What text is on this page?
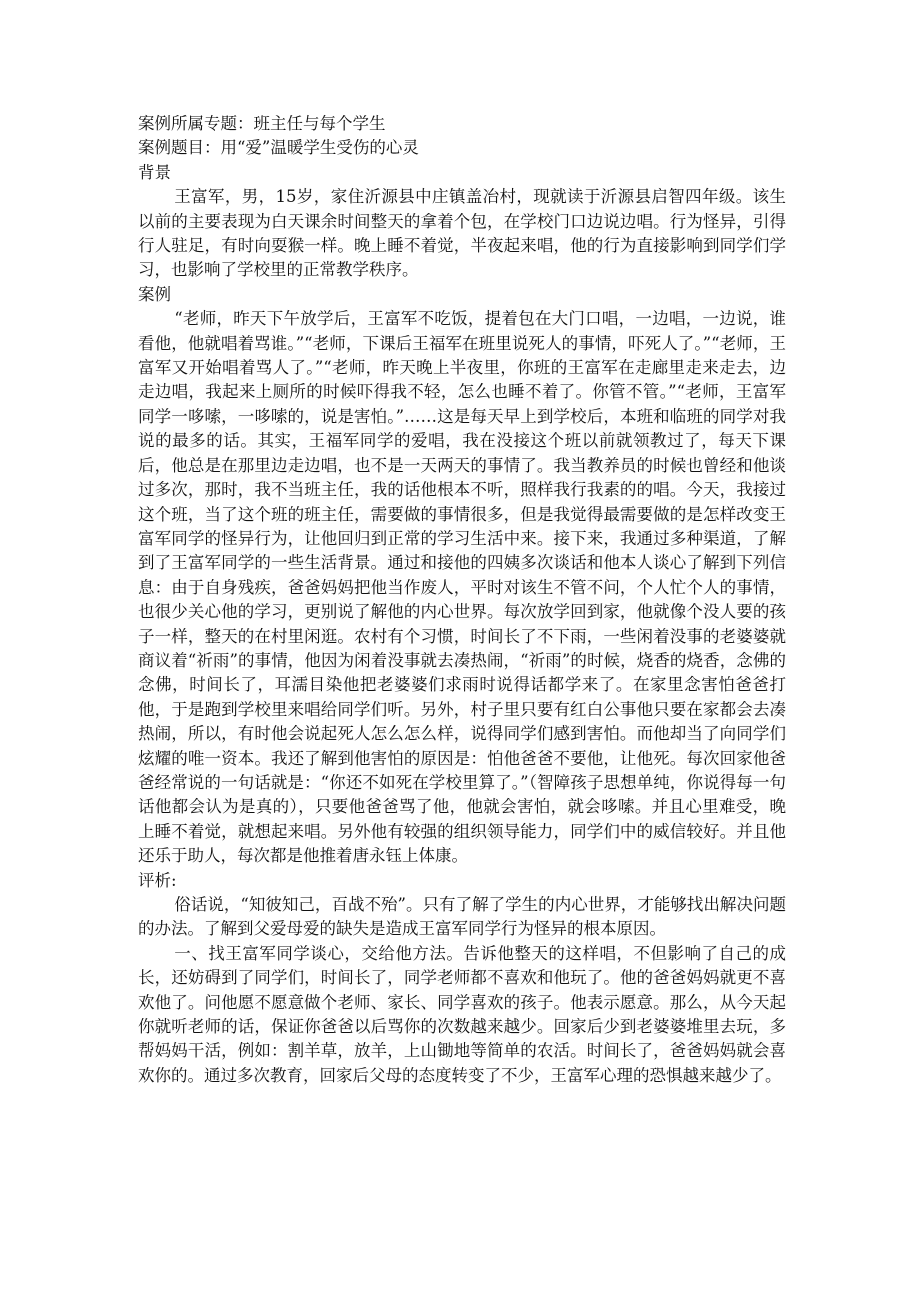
案例所属专题：班主任与每个学生

案例题目：用“爱”温暖学生受伤的心灵

背景

王富军，男，15岁，家住沂源县中庄镇盖冶村，现就读于沂源县启智四年级。该生以前的主要表现为白天课余时间整天的拿着个包，在学校门口边说边唱。行为怪异，引得行人驻足，有时向耍猴一样。晚上睡不着觉，半夜起来唱，他的行为直接影响到同学们学习，也影响了学校里的正常教学秩序。

案例

“老师，昨天下午放学后，王富军不吃饭，提着包在大门口唱，一边唱，一边说，谁看他，他就唱着骂谁。”“老师，下课后王福军在班里说死人的事情，吓死人了。”“老师，王富军又开始唱着骂人了。”“老师，昨天晚上半夜里，你班的王富军在走廊里走来走去，边走边唱，我起来上厕所的时候吓得我不轻，怎么也睡不着了。你管不管。”“老师，王富军同学一哆嗦，一哆嗦的，说是害怕。”……这是每天早上到学校后，本班和临班的同学对我说的最多的话。其实，王福军同学的爱唱，我在没接这个班以前就领教过了，每天下课后，他总是在那里边走边唱，也不是一天两天的事情了。我当教养员的时候也曾经和他谈过多次，那时，我不当班主任，我的话他根本不听，照样我行我素的的唱。今天，我接过这个班，当了这个班的班主任，需要做的事情很多，但是我觉得最需要做的是怎样改变王富军同学的怪异行为，让他回归到正常的学习生活中来。接下来，我通过多种渠道，了解到了王富军同学的一些生活背景。通过和接他的四姨多次谈话和他本人谈心了解到下列信息：由于自身残疾，爸爸妈妈把他当作废人，平时对该生不管不问，个人忙个人的事情，也很少关心他的学习，更别说了解他的内心世界。每次放学回到家，他就像个没人要的孩子一样，整天的在村里闲逛。农村有个习惯，时间长了不下雨，一些闲着没事的老婆婆就商议着“祈雨”的事情，他因为闲着没事就去凑热闹，“祈雨”的时候，烧香的烧香，念佛的念佛，时间长了，耳濡目染他把老婆婆们求雨时说得话都学来了。在家里念害怕爸爸打他，于是跑到学校里来唱给同学们听。另外，村子里只要有红白公事他只要在家都会去凑热闹，所以，有时他会说起死人怎么怎么样，说得同学们感到害怕。而他却当了向同学们炫耀的唯一资本。我还了解到他害怕的原因是：怕他爸爸不要他，让他死。每次回家他爸爸经常说的一句话就是：“你还不如死在学校里算了。”（智障孩子思想单纯，你说得每一句话他都会认为是真的），只要他爸爸骂了他，他就会害怕，就会哆嗦。并且心里难受，晚上睡不着觉，就想起来唱。另外他有较强的组织领导能力，同学们中的威信较好。并且他还乐于助人，每次都是他推着唐永钰上体康。

评析:

俗话说，“知彼知己，百战不殆”。只有了解了学生的内心世界，才能够找出解决问题的办法。了解到父爱母爱的缺失是造成王富军同学行为怪异的根本原因。

一、找王富军同学谈心，交给他方法。告诉他整天的这样唱，不但影响了自己的成长，还妨碍到了同学们，时间长了，同学老师都不喜欢和他玩了。他的爸爸妈妈就更不喜欢他了。问他愿不愿意做个老师、家长、同学喜欢的孩子。他表示愿意。那么，从今天起你就听老师的话，保证你爸爸以后骂你的次数越来越少。回家后少到老婆婆堆里去玩，多帮妈妈干活，例如：割羊草，放羊，上山锄地等简单的农活。时间长了，爸爸妈妈就会喜欢你的。通过多次教育，回家后父母的态度转变了不少，王富军心理的恐惧越来越少了。
